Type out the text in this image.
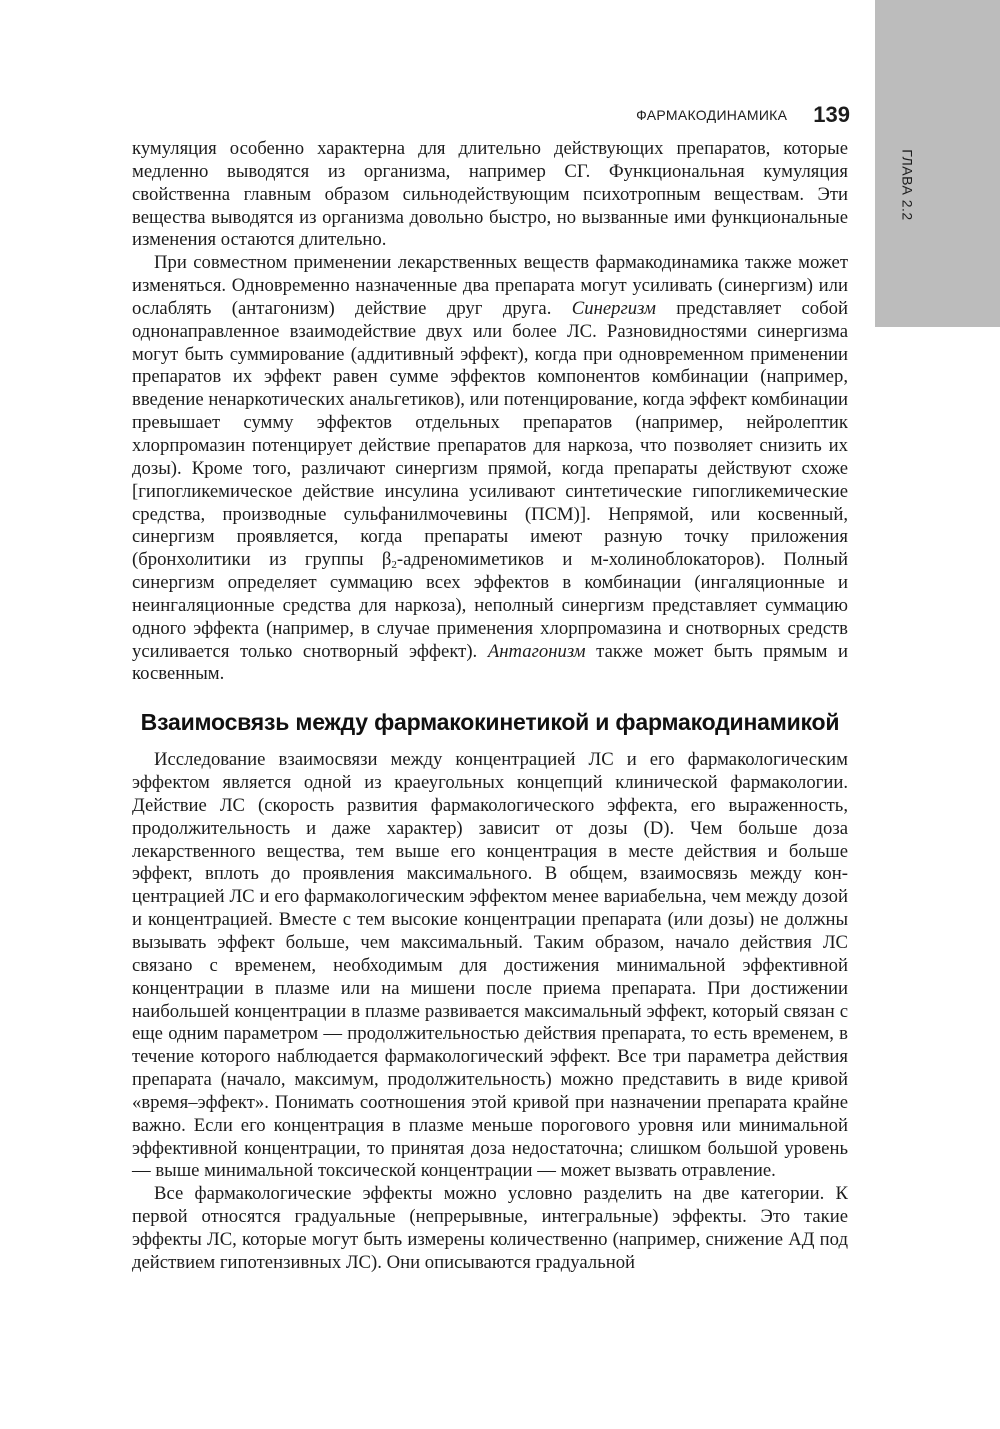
ГЛАВА 2.2
ФАРМАКОДИНАМИКА 139

кумуляция особенно характерна для длительно действующих препаратов, которые медленно выводятся из организма, например СГ. Функциональная кумуляция свойственна главным образом сильнодействующим психотропным веществам. Эти вещества выводятся из организма довольно быстро, но вызванные ими функциональные изменения остаются длительно.

При совместном применении лекарственных веществ фармакодинамика также может изменяться. Одновременно назначенные два препарата могут усиливать (синергизм) или ослаблять (антагонизм) действие друг друга. Синергизм представляет собой однонаправленное взаимодействие двух или более ЛС. Разновидностями синергизма могут быть суммирование (аддитивный эффект), когда при одновременном применении препаратов их эффект равен сумме эффектов компонентов комбинации (например, введение ненаркотических анальгетиков), или потенцирование, когда эффект комбинации превышает сумму эффектов отдельных препаратов (например, нейролептик хлорпромазин потенцирует действие препаратов для наркоза, что позволяет снизить их дозы). Кроме того, различают синергизм прямой, когда препараты действуют схоже [гипогликемическое действие инсулина усиливают синтетические гипогликемические средства, производные сульфанилмочевины (ПСМ)]. Непрямой, или косвенный, синергизм проявляется, когда препараты имеют разную точку приложения (бронхолитики из группы $\beta_2$-адреномиметиков и м-холиноблокаторов). Полный синергизм определяет суммацию всех эффектов в комбинации (ингаляционные и неингаляционные средства для наркоза), неполный синергизм представляет суммацию одного эффекта (например, в случае применения хлорпромазина и снотворных средств усиливается только снотворный эффект). Антагонизм также может быть прямым и косвенным.

Взаимосвязь между фармакокинетикой и фармакодинамикой

Исследование взаимосвязи между концентрацией ЛС и его фармакологическим эффектом является одной из краеугольных концепций клинической фармакологии. Действие ЛС (скорость развития фармакологического эффекта, его выраженность, продолжительность и даже характер) зависит от дозы (D). Чем больше доза лекарственного вещества, тем выше его концентрация в месте действия и больше эффект, вплоть до проявления максимального. В общем, взаимосвязь между концентрацией ЛС и его фармакологическим эффектом менее вариабельна, чем между дозой и концентрацией. Вместе с тем высокие концентрации препарата (или дозы) не должны вызывать эффект больше, чем максимальный. Таким образом, начало действия ЛС связано с временем, необходимым для достижения минимальной эффективной концентрации в плазме или на мишени после приема препарата. При достижении наибольшей концентрации в плазме развивается максимальный эффект, который связан с еще одним параметром — продолжительностью действия препарата, то есть временем, в течение которого наблюдается фармакологический эффект. Все три параметра действия препарата (начало, максимум, продолжительность) можно представить в виде кривой «время–эффект». Понимать соотношения этой кривой при назначении препарата крайне важно. Если его концентрация в плазме меньше порогового уровня или минимальной эффективной концентрации, то принятая доза недостаточна; слишком большой уровень — выше минимальной токсической концентрации — может вызвать отравление.

Все фармакологические эффекты можно условно разделить на две категории. К первой относятся градуальные (непрерывные, интегральные) эффекты. Это такие эффекты ЛС, которые могут быть измерены количественно (например, снижение АД под действием гипотензивных ЛС). Они описываются градуальной
